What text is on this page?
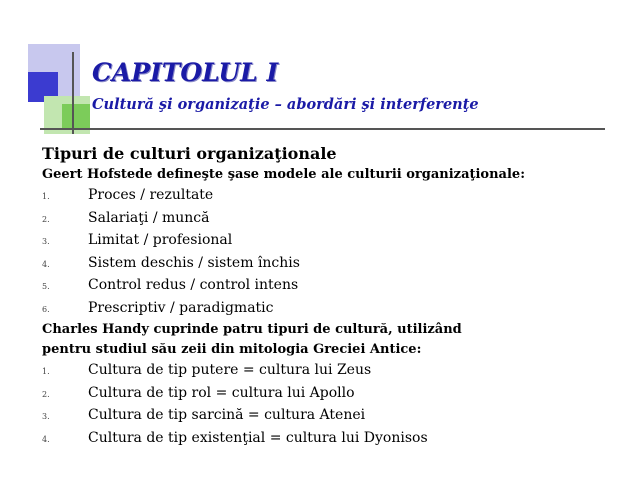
CAPITOLUL I

Cultură şi organizaţie – abordări şi interferenţe

Tipuri de culturi organizaţionale

Geert Hofstede defineşte şase modele ale culturii organizaţionale:

1.	Proces / rezultate
2.	Salariaţi / muncă
3.	Limitat / profesional
4.	Sistem deschis / sistem închis
5.	Control redus / control intens
6.	Prescriptiv / paradigmatic

Charles Handy cuprinde patru tipuri de cultură, utilizând

pentru studiul său zeii din mitologia Greciei Antice:

1.	Cultura de tip putere = cultura lui Zeus
2.	Cultura de tip rol = cultura lui Apollo
3.	Cultura de tip sarcină = cultura Atenei
4.	Cultura de tip existenţial = cultura lui Dyonisos
